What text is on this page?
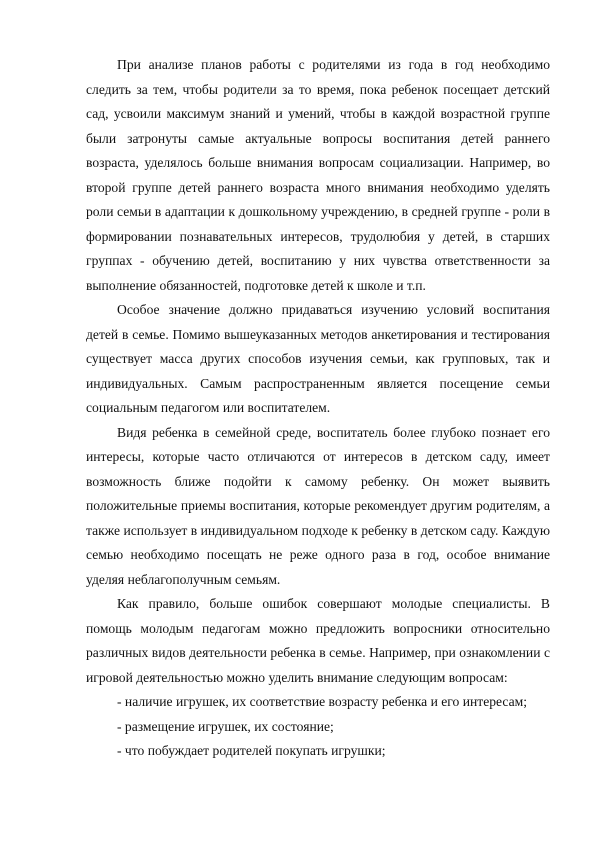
При анализе планов работы с родителями из года в год необходимо следить за тем, чтобы родители за то время, пока ребенок посещает детский сад, усвоили максимум знаний и умений, чтобы в каждой возрастной группе были затронуты самые актуальные вопросы воспитания детей раннего возраста, уделялось больше внимания вопросам социализации. Например, во второй группе детей раннего возраста много внимания необходимо уделять роли семьи в адаптации к дошкольному учреждению, в средней группе - роли в формировании познавательных интересов, трудолюбия у детей, в старших группах - обучению детей, воспитанию у них чувства ответственности за выполнение обязанностей, подготовке детей к школе и т.п.

Особое значение должно придаваться изучению условий воспитания детей в семье. Помимо вышеуказанных методов анкетирования и тестирования существует масса других способов изучения семьи, как групповых, так и индивидуальных. Самым распространенным является посещение семьи социальным педагогом или воспитателем.

Видя ребенка в семейной среде, воспитатель более глубоко познает его интересы, которые часто отличаются от интересов в детском саду, имеет возможность ближе подойти к самому ребенку. Он может выявить положительные приемы воспитания, которые рекомендует другим родителям, а также использует в индивидуальном подходе к ребенку в детском саду. Каждую семью необходимо посещать не реже одного раза в год, особое внимание уделяя неблагополучным семьям.

Как правило, больше ошибок совершают молодые специалисты. В помощь молодым педагогам можно предложить вопросники относительно различных видов деятельности ребенка в семье. Например, при ознакомлении с игровой деятельностью можно уделить внимание следующим вопросам:

- наличие игрушек, их соответствие возрасту ребенка и его интересам;
- размещение игрушек, их состояние;
- что побуждает родителей покупать игрушки;
